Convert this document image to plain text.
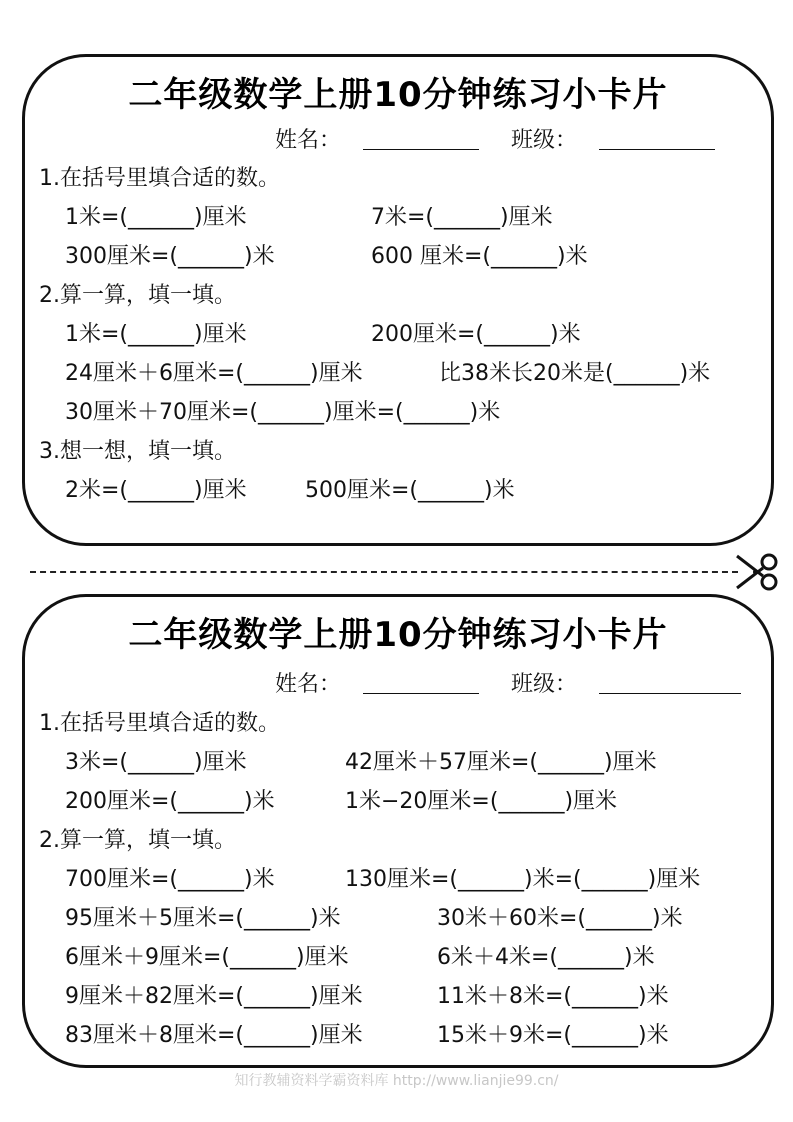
二年级数学上册10分钟练习小卡片
姓名：	班级：
1.在括号里填合适的数。
1米=(______)厘米	7米=(______)厘米
300厘米=(______)米	600 厘米=(______)米
2.算一算，填一填。
1米=(______)厘米	200厘米=(______)米
24厘米＋6厘米=(______)厘米	比38米长20米是(______)米
30厘米＋70厘米=(______)厘米=(______)米
3.想一想，填一填。
2米=(______)厘米	500厘米=(______)米
二年级数学上册10分钟练习小卡片
姓名：	班级：
1.在括号里填合适的数。
3米=(______)厘米	42厘米＋57厘米=(______)厘米
200厘米=(______)米	1米−20厘米=(______)厘米
2.算一算，填一填。
700厘米=(______)米	130厘米=(______)米=(______)厘米
95厘米＋5厘米=(______)米	30米＋60米=(______)米
6厘米＋9厘米=(______)厘米	6米＋4米=(______)米
9厘米＋82厘米=(______)厘米	11米＋8米=(______)米
83厘米＋8厘米=(______)厘米	15米＋9米=(______)米
知行教辅资料学霸资料库 http://www.lianjie99.cn/
